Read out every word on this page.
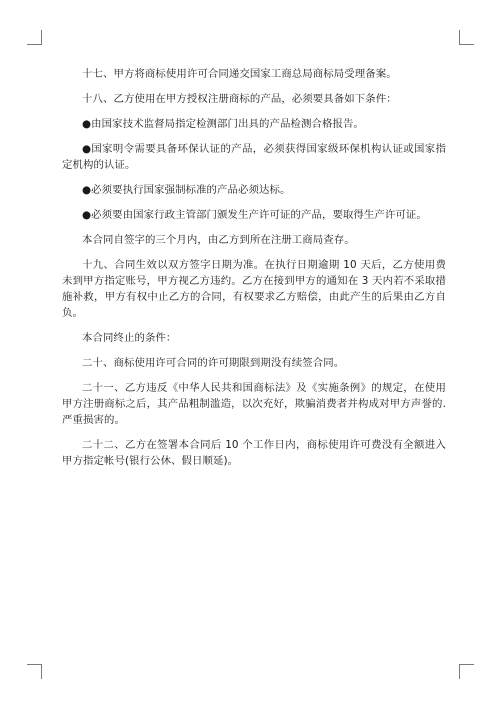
十七、甲方将商标使用许可合同递交国家工商总局商标局受理备案。

十八、乙方使用在甲方授权注册商标的产品，必须要具备如下条件：

●由国家技术监督局指定检测部门出具的产品检测合格报告。

●国家明令需要具备环保认证的产品，必须获得国家级环保机构认证或国家指定机构的认证。

●必须要执行国家强制标准的产品必须达标。

●必须要由国家行政主管部门颁发生产许可证的产品，要取得生产许可证。

本合同自签字的三个月内，由乙方到所在注册工商局查存。

十九、合同生效以双方签字日期为准。在执行日期逾期 10 天后，乙方使用费未到甲方指定账号，甲方视乙方违约。乙方在接到甲方的通知在 3 天内若不采取措施补救，甲方有权中止乙方的合同，有权要求乙方赔偿，由此产生的后果由乙方自负。

本合同终止的条件：

二十、商标使用许可合同的许可期限到期没有续签合同。

二十一、乙方违反《中华人民共和国商标法》及《实施条例》的规定，在使用甲方注册商标之后，其产品粗制滥造，以次充好，欺骗消费者并构成对甲方声誉的.严重损害的。

二十二、乙方在签署本合同后 10 个工作日内，商标使用许可费没有全额进入甲方指定帐号(银行公休、假日顺延)。
